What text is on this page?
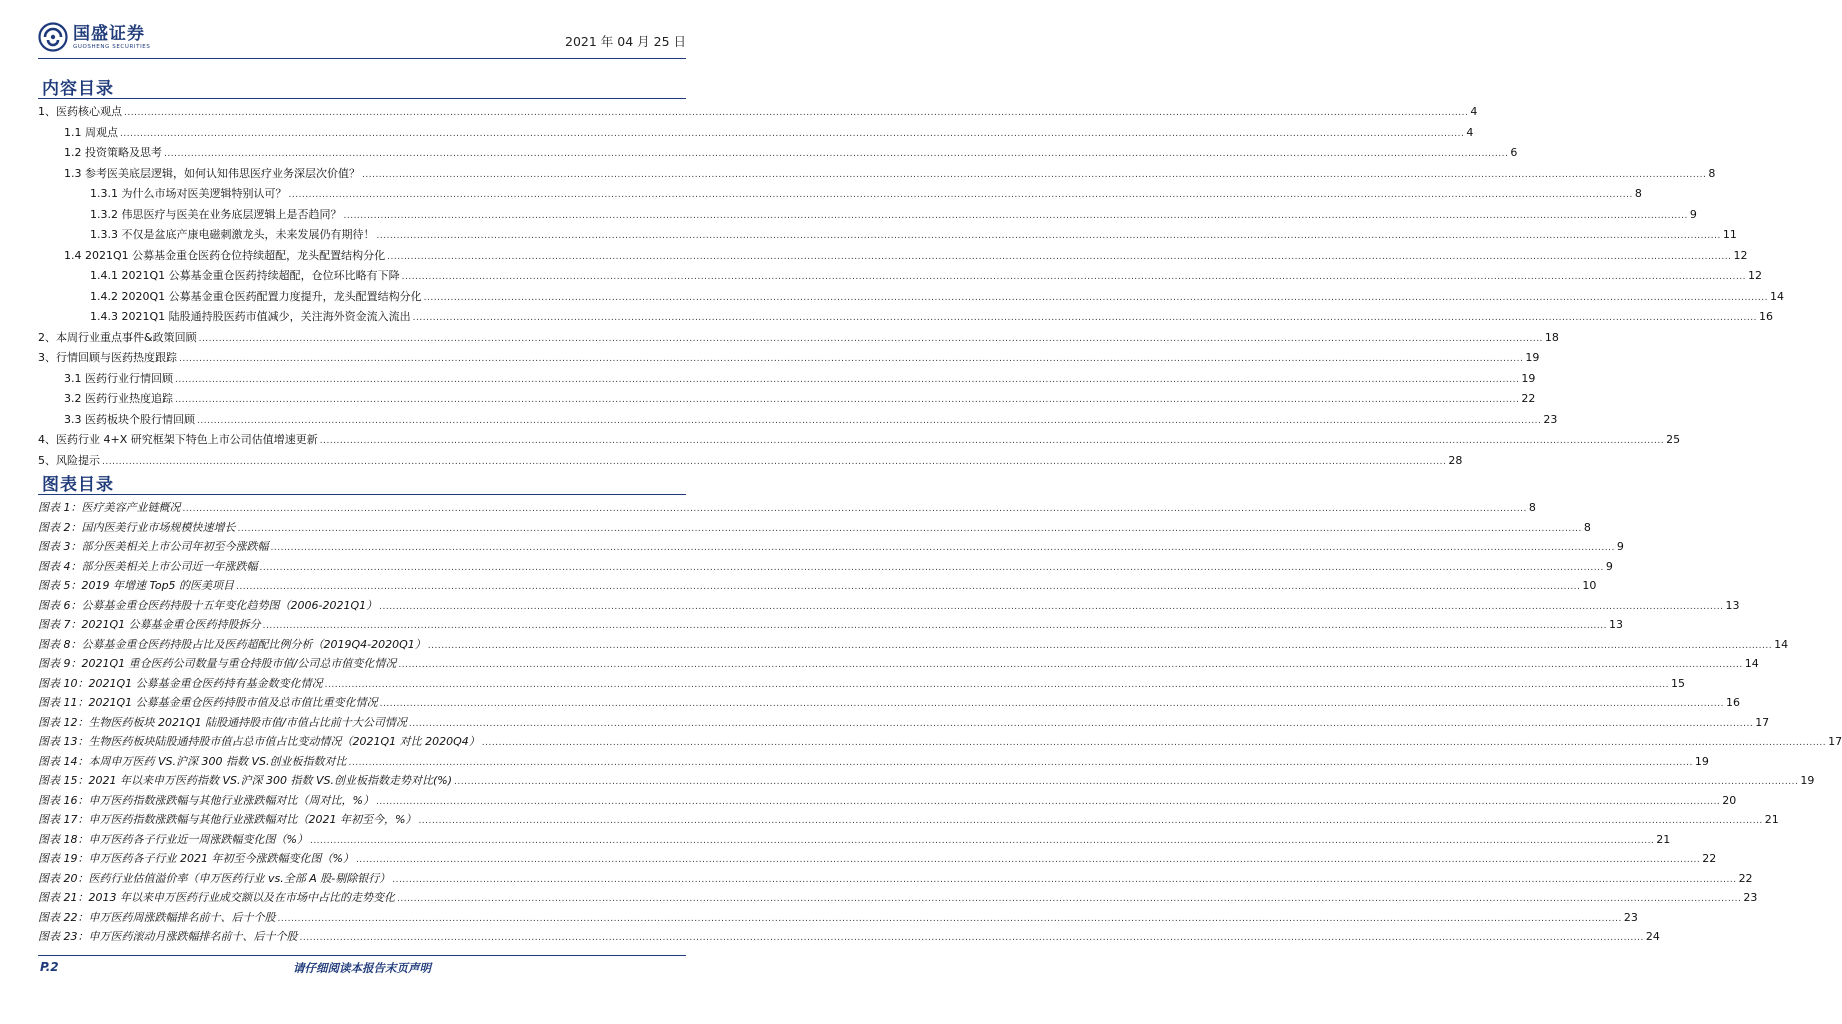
国盛证券
GUOSHENG SECURITIES	2021 年 04 月 25 日
内容目录
1、医药核心观点 ................................................................................................................................................................................................................................................................................................................................................................................................................ 4
1.1 周观点 ................................................................................................................................................................................................................................................................................................................................................................................................................ 4
1.2 投资策略及思考 ................................................................................................................................................................................................................................................................................................................................................................................................................ 6
1.3 参考医美底层逻辑，如何认知伟思医疗业务深层次价值？ ................................................................................................................................................................................................................................................................................................................................................................................................................ 8
1.3.1 为什么市场对医美逻辑特别认可？ ................................................................................................................................................................................................................................................................................................................................................................................................................ 8
1.3.2 伟思医疗与医美在业务底层逻辑上是否趋同？ ................................................................................................................................................................................................................................................................................................................................................................................................................ 9
1.3.3 不仅是盆底产康电磁刺激龙头，未来发展仍有期待！ ................................................................................................................................................................................................................................................................................................................................................................................................................ 11
1.4 2021Q1 公募基金重仓医药仓位持续超配，龙头配置结构分化 ................................................................................................................................................................................................................................................................................................................................................................................................................ 12
1.4.1 2021Q1 公募基金重仓医药持续超配，仓位环比略有下降 ................................................................................................................................................................................................................................................................................................................................................................................................................ 12
1.4.2 2020Q1 公募基金重仓医药配置力度提升，龙头配置结构分化 ................................................................................................................................................................................................................................................................................................................................................................................................................ 14
1.4.3 2021Q1 陆股通持股医药市值减少，关注海外资金流入流出 ................................................................................................................................................................................................................................................................................................................................................................................................................ 16
2、本周行业重点事件&政策回顾 ................................................................................................................................................................................................................................................................................................................................................................................................................ 18
3、行情回顾与医药热度跟踪 ................................................................................................................................................................................................................................................................................................................................................................................................................ 19
3.1 医药行业行情回顾 ................................................................................................................................................................................................................................................................................................................................................................................................................ 19
3.2 医药行业热度追踪 ................................................................................................................................................................................................................................................................................................................................................................................................................ 22
3.3 医药板块个股行情回顾 ................................................................................................................................................................................................................................................................................................................................................................................................................ 23
4、医药行业 4+X 研究框架下特色上市公司估值增速更新 ................................................................................................................................................................................................................................................................................................................................................................................................................ 25
5、风险提示 ................................................................................................................................................................................................................................................................................................................................................................................................................ 28
图表目录
图表 1：医疗美容产业链概况 ................................................................................................................................................................................................................................................................................................................................................................................................................ 8
图表 2：国内医美行业市场规模快速增长 ................................................................................................................................................................................................................................................................................................................................................................................................................ 8
图表 3：部分医美相关上市公司年初至今涨跌幅 ................................................................................................................................................................................................................................................................................................................................................................................................................ 9
图表 4：部分医美相关上市公司近一年涨跌幅 ................................................................................................................................................................................................................................................................................................................................................................................................................ 9
图表 5：2019 年增速 Top5 的医美项目 ................................................................................................................................................................................................................................................................................................................................................................................................................ 10
图表 6：公募基金重仓医药持股十五年变化趋势图（2006-2021Q1） ................................................................................................................................................................................................................................................................................................................................................................................................................ 13
图表 7：2021Q1 公募基金重仓医药持股拆分 ................................................................................................................................................................................................................................................................................................................................................................................................................ 13
图表 8：公募基金重仓医药持股占比及医药超配比例分析（2019Q4-2020Q1） ................................................................................................................................................................................................................................................................................................................................................................................................................ 14
图表 9：2021Q1 重仓医药公司数量与重仓持股市值/公司总市值变化情况 ................................................................................................................................................................................................................................................................................................................................................................................................................ 14
图表 10：2021Q1 公募基金重仓医药持有基金数变化情况 ................................................................................................................................................................................................................................................................................................................................................................................................................ 15
图表 11：2021Q1 公募基金重仓医药持股市值及总市值比重变化情况 ................................................................................................................................................................................................................................................................................................................................................................................................................ 16
图表 12：生物医药板块 2021Q1 陆股通持股市值/市值占比前十大公司情况 ................................................................................................................................................................................................................................................................................................................................................................................................................ 17
图表 13：生物医药板块陆股通持股市值占总市值占比变动情况（2021Q1 对比 2020Q4） ................................................................................................................................................................................................................................................................................................................................................................................................................ 17
图表 14：本周申万医药 VS.沪深 300 指数 VS.创业板指数对比 ................................................................................................................................................................................................................................................................................................................................................................................................................ 19
图表 15：2021 年以来申万医药指数 VS.沪深 300 指数 VS.创业板指数走势对比(%) ................................................................................................................................................................................................................................................................................................................................................................................................................ 19
图表 16：申万医药指数涨跌幅与其他行业涨跌幅对比（周对比，%） ................................................................................................................................................................................................................................................................................................................................................................................................................ 20
图表 17：申万医药指数涨跌幅与其他行业涨跌幅对比（2021 年初至今，%） ................................................................................................................................................................................................................................................................................................................................................................................................................ 21
图表 18：申万医药各子行业近一周涨跌幅变化图（%） ................................................................................................................................................................................................................................................................................................................................................................................................................ 21
图表 19：申万医药各子行业 2021 年初至今涨跌幅变化图（%） ................................................................................................................................................................................................................................................................................................................................................................................................................ 22
图表 20：医药行业估值溢价率（申万医药行业 vs.全部 A 股-剔除银行） ................................................................................................................................................................................................................................................................................................................................................................................................................ 22
图表 21：2013 年以来申万医药行业成交额以及在市场中占比的走势变化 ................................................................................................................................................................................................................................................................................................................................................................................................................ 23
图表 22：申万医药周涨跌幅排名前十、后十个股 ................................................................................................................................................................................................................................................................................................................................................................................................................ 23
图表 23：申万医药滚动月涨跌幅排名前十、后十个股 ................................................................................................................................................................................................................................................................................................................................................................................................................ 24
P.2	请仔细阅读本报告末页声明
